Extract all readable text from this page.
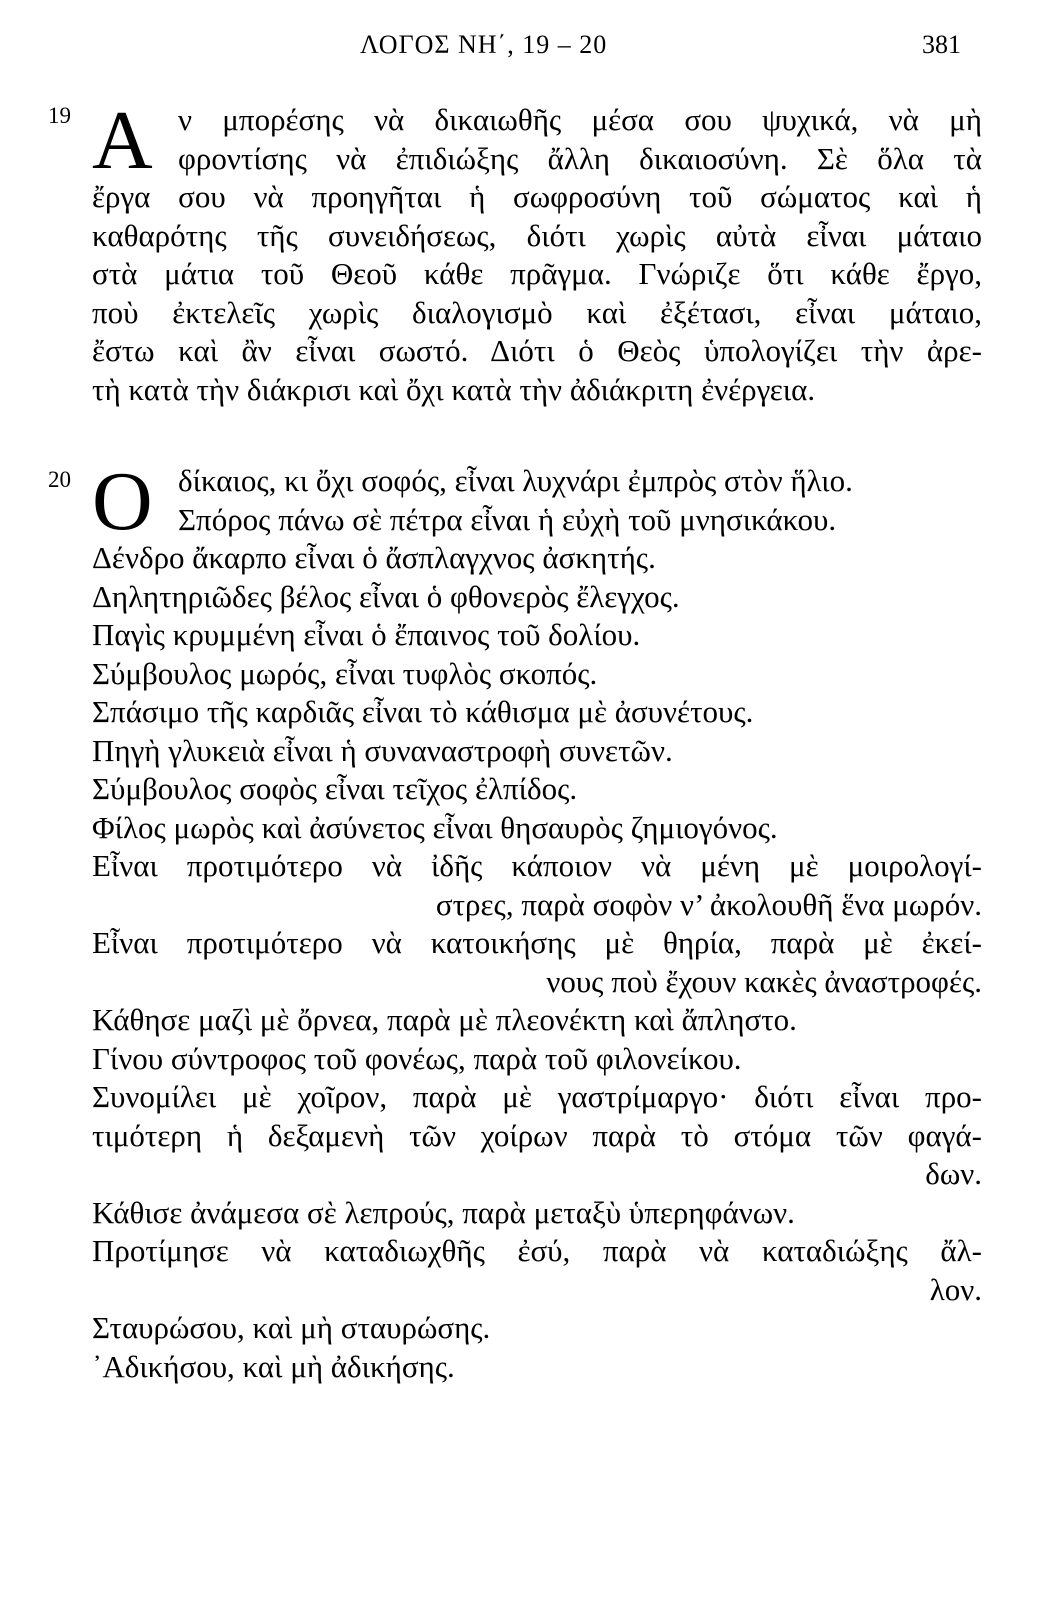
ΛΟΓΟΣ ΝΗ΄, 19 – 20	381
19 Α ν μπορέσης νὰ δικαιωθῆς μέσα σου ψυχικά, νὰ μὴ
φροντίσης νὰ ἐπιδιώξης ἄλλη δικαιοσύνη. Σὲ ὅλα τὰ
ἔργα σου νὰ προηγῆται ἡ σωφροσύνη τοῦ σώματος καὶ ἡ
καθαρότης τῆς συνειδήσεως, διότι χωρὶς αὐτὰ εἶναι μάταιο
στὰ μάτια τοῦ Θεοῦ κάθε πρᾶγμα. Γνώριζε ὅτι κάθε ἔργο,
ποὺ ἐκτελεῖς χωρὶς διαλογισμὸ καὶ ἐξέτασι, εἶναι μάταιο,
ἔστω καὶ ἂν εἶναι σωστό. Διότι ὁ Θεὸς ὑπολογίζει τὴν ἀρε-
τὴ κατὰ τὴν διάκρισι καὶ ὄχι κατὰ τὴν ἀδιάκριτη ἐνέργεια.
20 Ο δίκαιος, κι ὄχι σοφός, εἶναι λυχνάρι ἐμπρὸς στὸν ἥλιο.
Σπόρος πάνω σὲ πέτρα εἶναι ἡ εὐχὴ τοῦ μνησικάκου.
Δένδρο ἄκαρπο εἶναι ὁ ἄσπλαγχνος ἀσκητής.
Δηλητηριῶδες βέλος εἶναι ὁ φθονερὸς ἔλεγχος.
Παγὶς κρυμμένη εἶναι ὁ ἔπαινος τοῦ δολίου.
Σύμβουλος μωρός, εἶναι τυφλὸς σκοπός.
Σπάσιμο τῆς καρδιᾶς εἶναι τὸ κάθισμα μὲ ἀσυνέτους.
Πηγὴ γλυκειὰ εἶναι ἡ συναναστροφὴ συνετῶν.
Σύμβουλος σοφὸς εἶναι τεῖχος ἐλπίδος.
Φίλος μωρὸς καὶ ἀσύνετος εἶναι θησαυρὸς ζημιογόνος.
Εἶναι προτιμότερο νὰ ἰδῆς κάποιον νὰ μένη μὲ μοιρολογί-
στρες, παρὰ σοφὸν ν’ ἀκολουθῆ ἕνα μωρόν.
Εἶναι προτιμότερο νὰ κατοικήσης μὲ θηρία, παρὰ μὲ ἐκεί-
νους ποὺ ἔχουν κακὲς ἀναστροφές.
Κάθησε μαζὶ μὲ ὄρνεα, παρὰ μὲ πλεονέκτη καὶ ἄπληστο.
Γίνου σύντροφος τοῦ φονέως, παρὰ τοῦ φιλονείκου.
Συνομίλει μὲ χοῖρον, παρὰ μὲ γαστρίμαργο· διότι εἶναι προ-
τιμότερη ἡ δεξαμενὴ τῶν χοίρων παρὰ τὸ στόμα τῶν φαγά-
δων.
Κάθισε ἀνάμεσα σὲ λεπρούς, παρὰ μεταξὺ ὑπερηφάνων.
Προτίμησε νὰ καταδιωχθῆς ἐσύ, παρὰ νὰ καταδιώξης ἄλ-
λον.
Σταυρώσου, καὶ μὴ σταυρώσης.
᾿Αδικήσου, καὶ μὴ ἀδικήσης.
